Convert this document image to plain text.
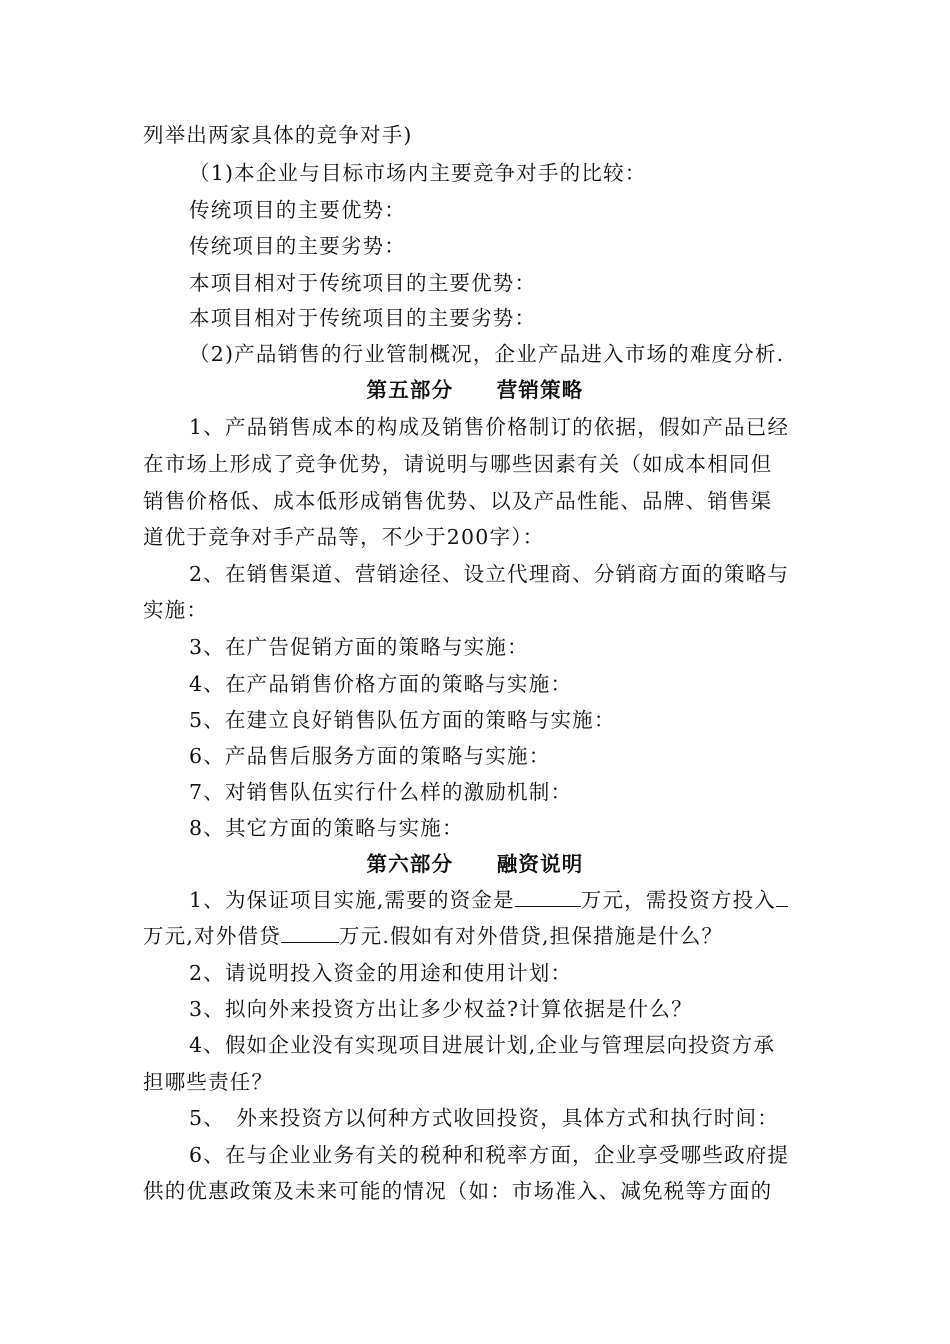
列举出两家具体的竞争对手)
（1)本企业与目标市场内主要竞争对手的比较：
传统项目的主要优势：
传统项目的主要劣势：
本项目相对于传统项目的主要优势：
本项目相对于传统项目的主要劣势：
（2)产品销售的行业管制概况，企业产品进入市场的难度分析.
第五部分　　营销策略
1、产品销售成本的构成及销售价格制订的依据，假如产品已经
在市场上形成了竞争优势，请说明与哪些因素有关（如成本相同但
销售价格低、成本低形成销售优势、以及产品性能、品牌、销售渠
道优于竞争对手产品等，不少于200字）：
2、在销售渠道、营销途径、设立代理商、分销商方面的策略与
实施：
3、在广告促销方面的策略与实施：
4、在产品销售价格方面的策略与实施：
5、在建立良好销售队伍方面的策略与实施：
6、产品售后服务方面的策略与实施：
7、对销售队伍实行什么样的激励机制：
8、其它方面的策略与实施：
第六部分　　融资说明
1、为保证项目实施,需要的资金是	万元，需投资方投入
万元,对外借贷	万元.假如有对外借贷,担保措施是什么？
2、请说明投入资金的用途和使用计划：
3、拟向外来投资方出让多少权益?计算依据是什么？
4、假如企业没有实现项目进展计划,企业与管理层向投资方承
担哪些责任？
5、　外来投资方以何种方式收回投资，具体方式和执行时间：
6、在与企业业务有关的税种和税率方面，企业享受哪些政府提
供的优惠政策及未来可能的情况（如：市场准入、减免税等方面的
